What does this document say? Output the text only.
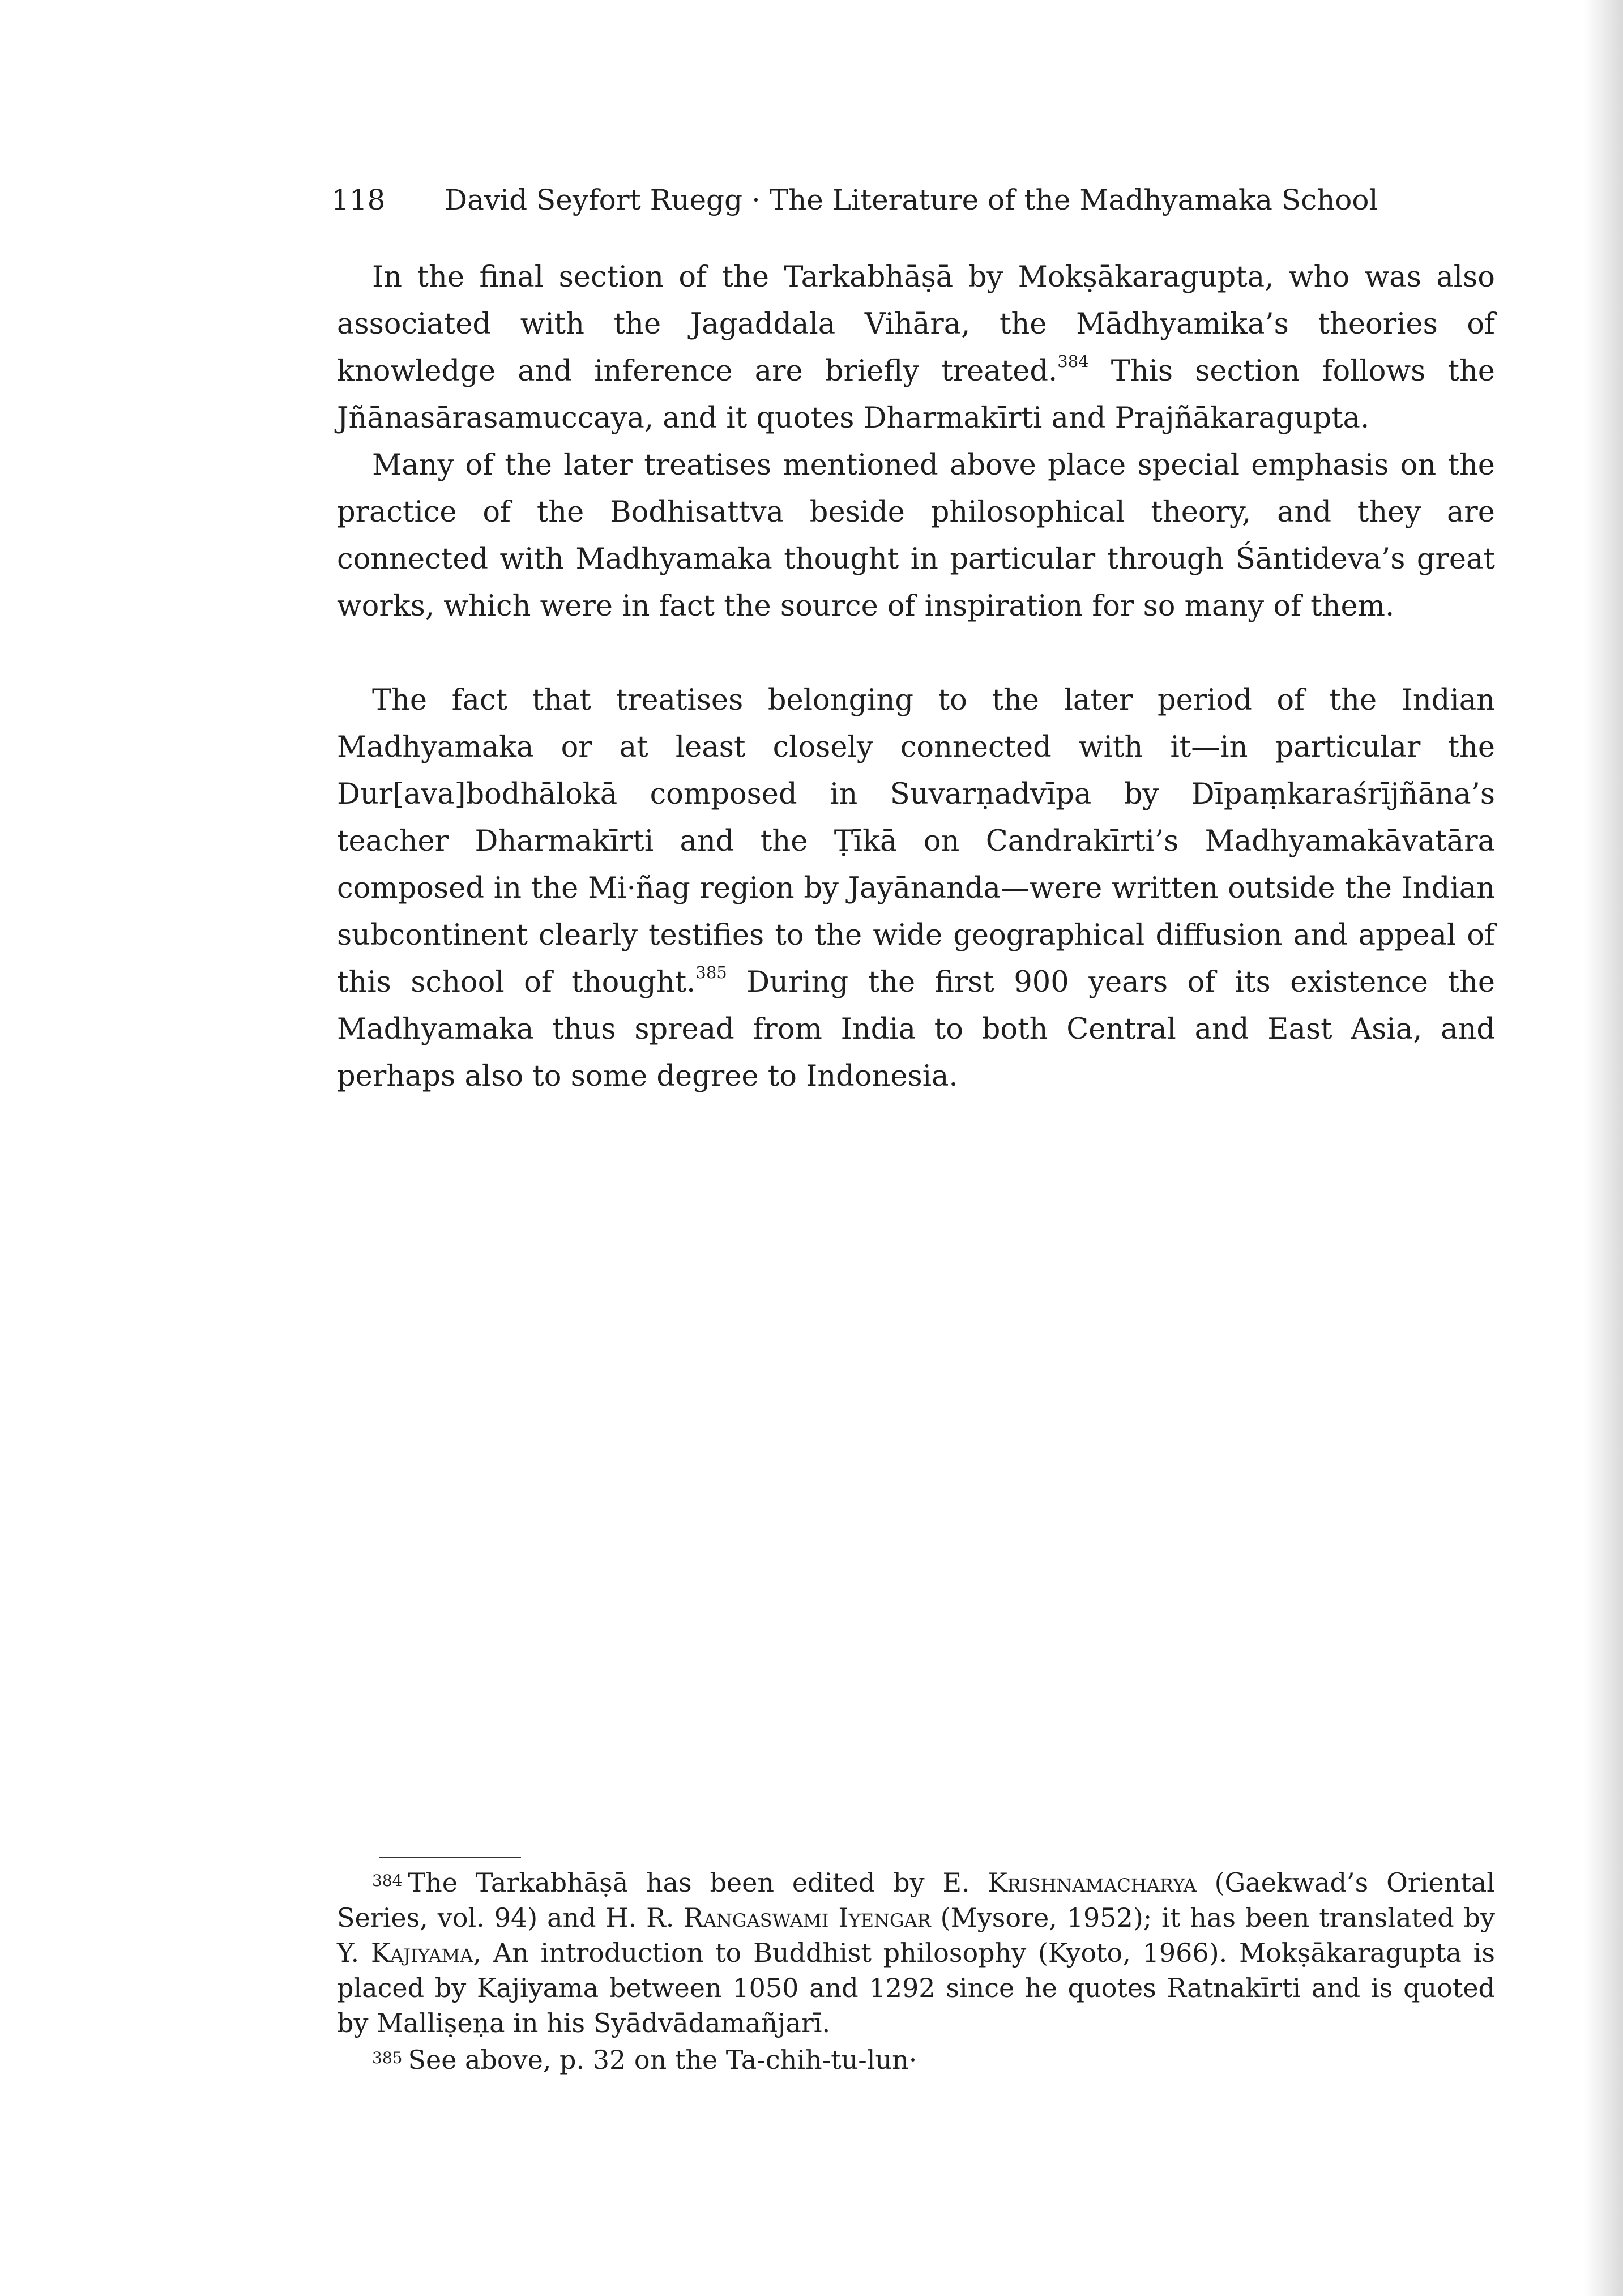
118 David Seyfort Ruegg · The Literature of the Madhyamaka School

In the final section of the Tarkabhāṣā by Mokṣākaragupta, who was also associated with the Jagaddala Vihāra, the Mādhyamika’s theories of knowledge and inference are briefly treated.$^{384}$ This section follows the Jñānasārasamuccaya, and it quotes Dharmakīrti and Prajñākaragupta.

Many of the later treatises mentioned above place special emphasis on the practice of the Bodhisattva beside philosophical theory, and they are connected with Madhyamaka thought in particular through Śāntideva’s great works, which were in fact the source of inspiration for so many of them.

The fact that treatises belonging to the later period of the Indian Madhyamaka or at least closely connected with it—in particular the Dur[ava]bodhālokā composed in Suvarṇadvīpa by Dīpaṃkaraśrījñāna’s teacher Dharmakīrti and the Ṭīkā on Candrakīrti’s Madhyamakāvatāra composed in the Mi·ñag region by Jayānanda—were written outside the Indian subcontinent clearly testifies to the wide geographical diffusion and appeal of this school of thought.$^{385}$ During the first 900 years of its existence the Madhyamaka thus spread from India to both Central and East Asia, and perhaps also to some degree to Indonesia.

$^{384}$ The Tarkabhāṣā has been edited by E. Krishnamacharya (Gaekwad’s Oriental Series, vol. 94) and H. R. Rangaswami Iyengar (Mysore, 1952); it has been translated by Y. Kajiyama, An introduction to Buddhist philosophy (Kyoto, 1966). Mokṣākaragupta is placed by Kajiyama between 1050 and 1292 since he quotes Ratnakīrti and is quoted by Malliṣeṇa in his Syādvādamañjarī.

$^{385}$ See above, p. 32 on the Ta-chih-tu-lun·
